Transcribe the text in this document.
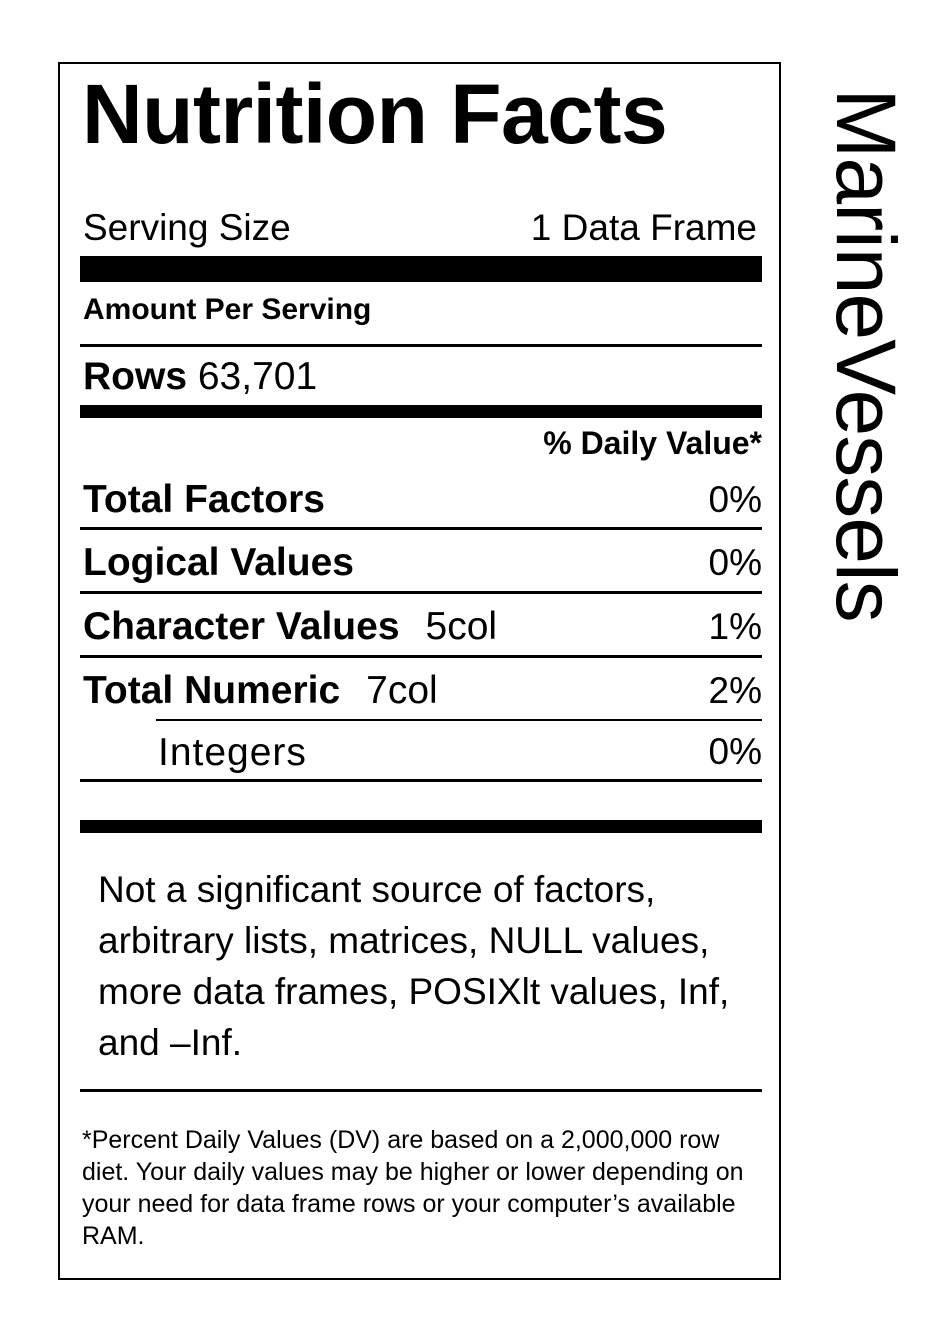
Nutrition Facts
Serving Size	1 Data Frame
Amount Per Serving
Rows 63,701
% Daily Value*
Total Factors	0%
Logical Values	0%
Character Values 5col	1%
Total Numeric 7col	2%
Integers	0%
Not a significant source of factors, arbitrary lists, matrices, NULL values, more data frames, POSIXlt values, Inf, and –Inf.
*Percent Daily Values (DV) are based on a 2,000,000 row diet. Your daily values may be higher or lower depending on your need for data frame rows or your computer’s available RAM.
MarineVessels
